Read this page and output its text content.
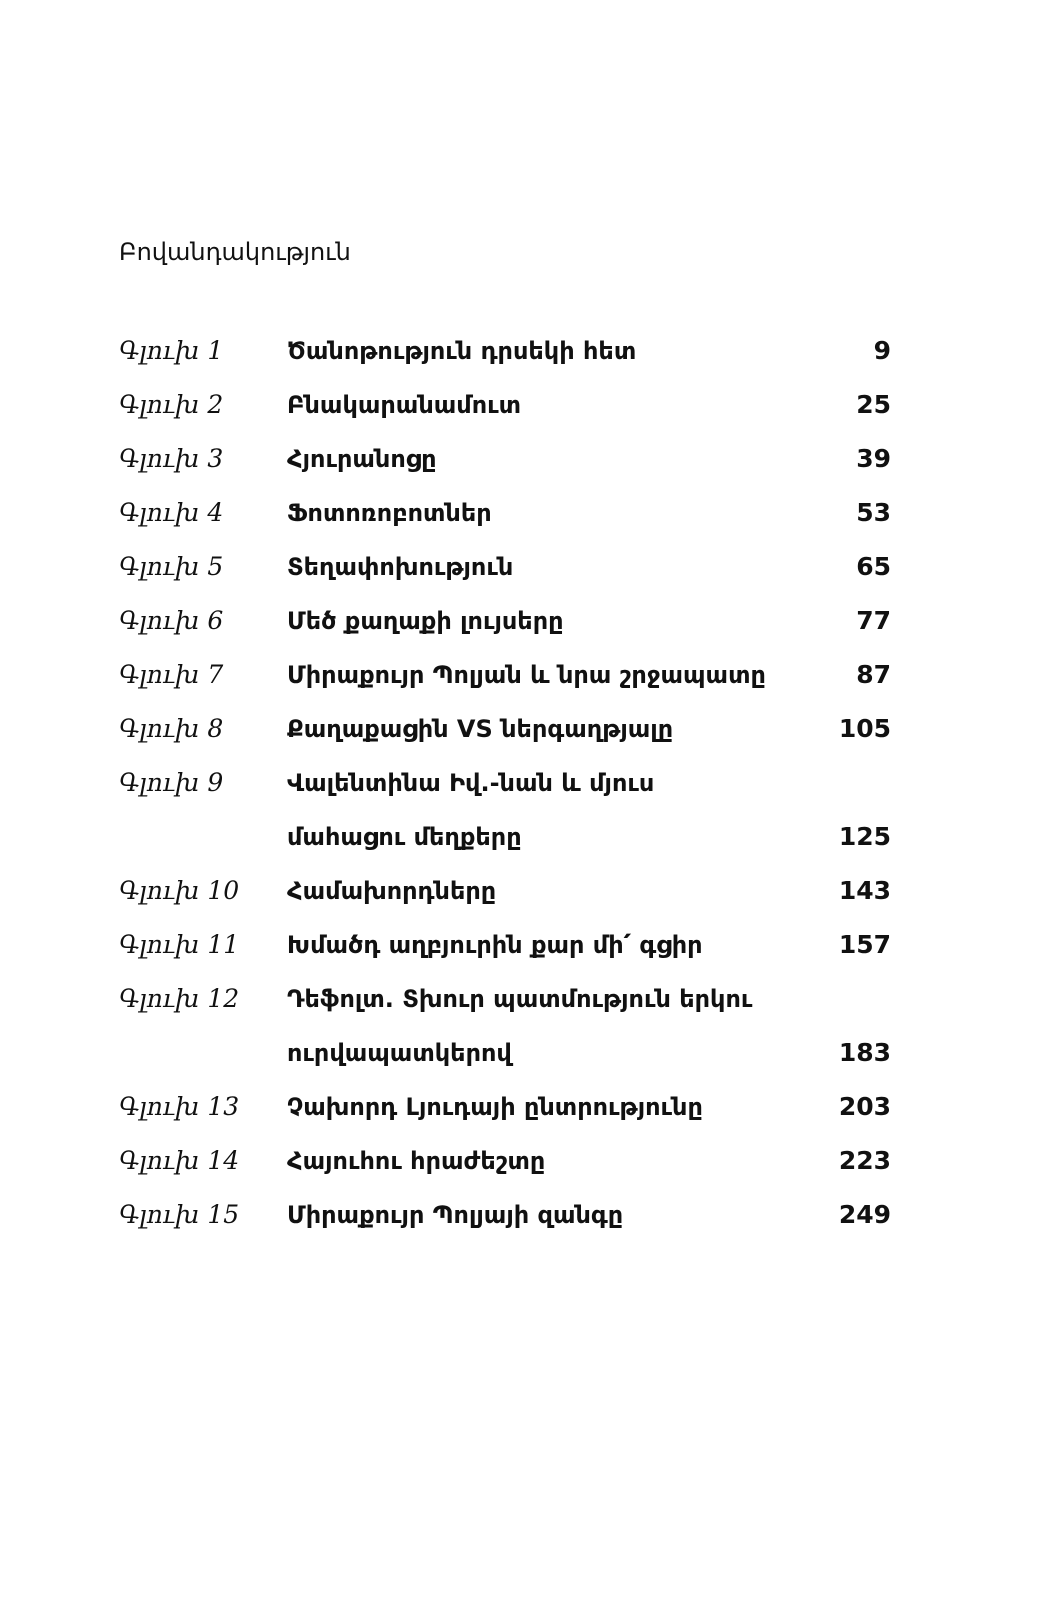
Բովանդակություն
Գլուխ 1	Ծանոթություն դրսեկի հետ	9
Գլուխ 2	Բնակարանամուտ	25
Գլուխ 3	Հյուրանոցը	39
Գլուխ 4	Ֆոտոռոբոտներ	53
Գլուխ 5	Տեղափոխություն	65
Գլուխ 6	Մեծ քաղաքի լույսերը	77
Գլուխ 7	Միրաքույր Պոլյան և նրա շրջապատը	87
Գլուխ 8	Քաղաքացին VS ներգաղթյալը	105
Գլուխ 9	Վալենտինա Իվ.-նան և մյուս
մահացու մեղքերը	125
Գլուխ 10 Համախորդները	143
Գլուխ 11 Խմածդ աղբյուրին քար մի՛ գցիր	157
Գլուխ 12 Դեֆոլտ. Տխուր պատմություն երկու
ուրվապատկերով	183
Գլուխ 13 Չախորդ Լյուդայի ընտրությունը	203
Գլուխ 14 Հայուհու հրաժեշտը	223
Գլուխ 15 Միրաքույր Պոլյայի զանգը	249
